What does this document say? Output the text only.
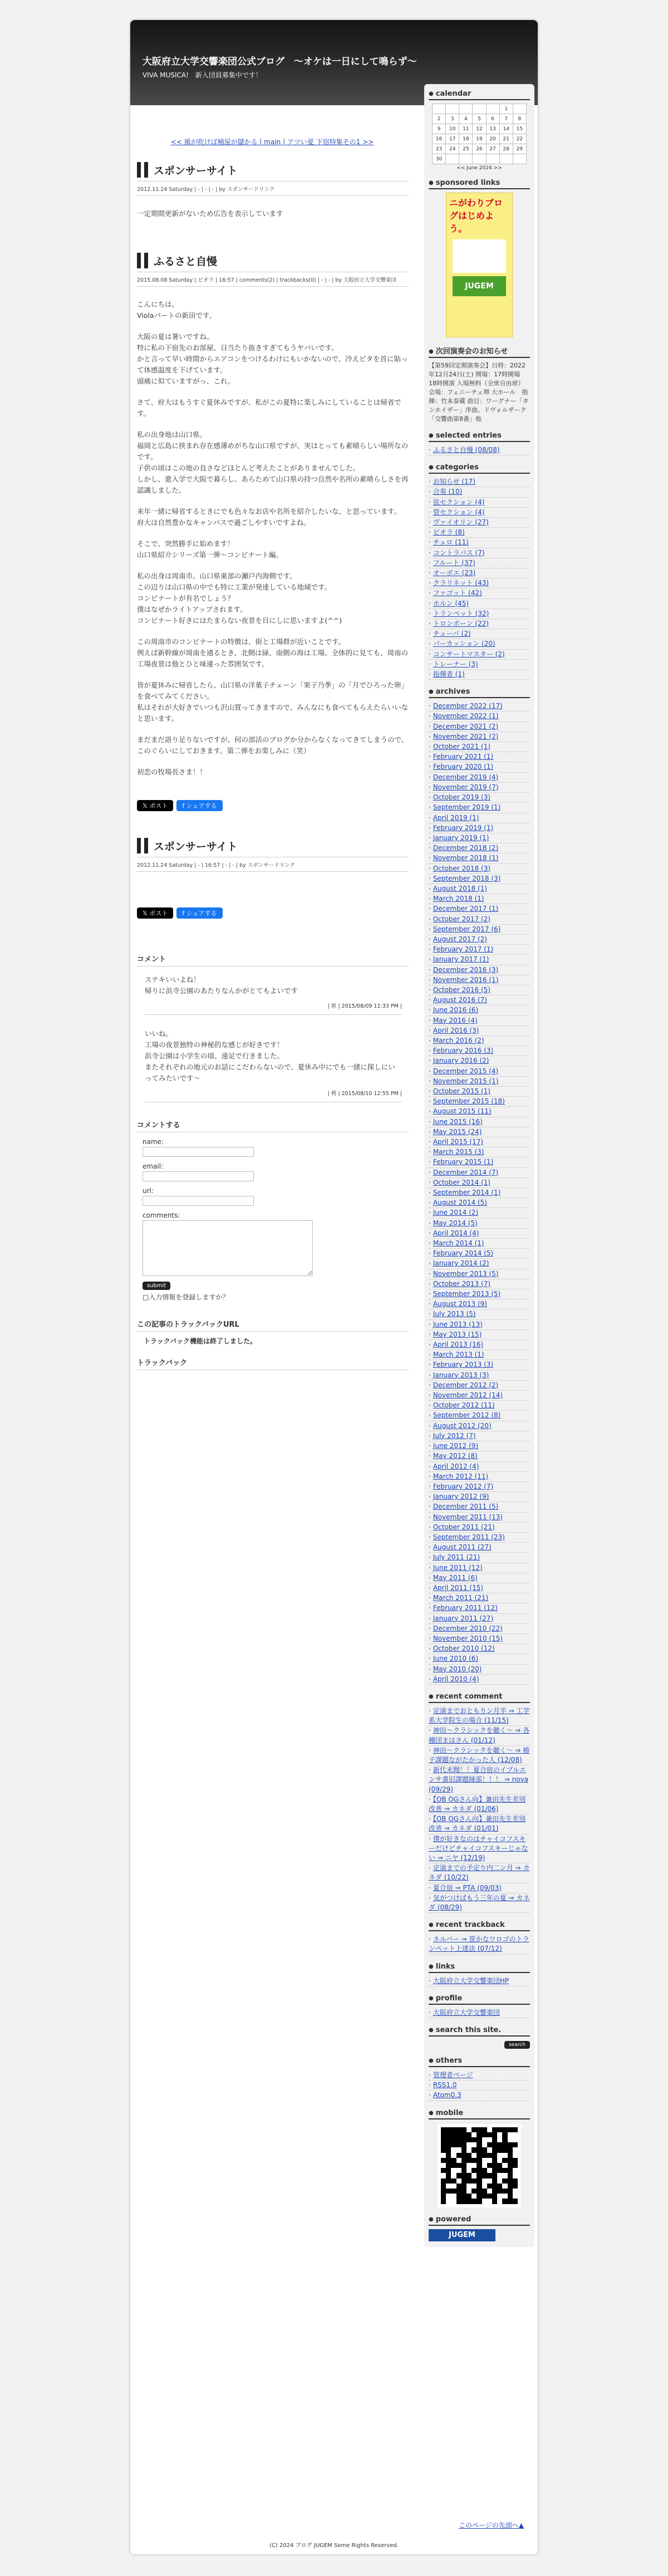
大阪府立大学交響楽団公式ブログ　～オケは一日にして鳴らず～
VIVA MUSICA!　新入団員募集中です！
<< 風が吹けば桶屋が儲かる | main | アツい夏 下宿特集その1 >>
スポンサーサイト
2012.11.24 Saturday | - | - | - | by スポンサードリンク

一定期間更新がないため広告を表示しています

ふるさと自慢
2015.08.08 Saturday | ビオラ | 16:57 | comments(2) | trackbacks(0) | - | - | by 大阪府立大学交響楽団

こんにちは。
Violaパートの新田です。

大阪の夏は暑いですね。
特に私の下宿先のお部屋、日当たり抜きすぎてもうヤバいです。
かと言って早い時間からエアコンをつけるわけにもいかないので、冷えピタを首に貼って体感温度を下げています。
頭痛に似ていますがっ、これ。

さて、府大はもうすぐ夏休みですが、私がこの夏特に楽しみにしていることは帰省です。

私の出身地は山口県。
福岡と広島に挟まれ存在感薄めがちな山口県ですが、実はとっても素晴らしい場所なのです。
子供の頃はこの地の良さなどほとんど考えたことがありませんでした。
しかし、進入学で大阪で暮らし、あらためて山口県の持つ自然や名所の素晴らしさを再認識しました。

来年一緒に帰省するときにでも色々なお店や名所を紹介したいな、と思っています。
府大は自然豊かなキャンパスで過ごしやすいですよね。

そこで、突然勝手に始めます！
山口県紹介シリーズ第一弾～コンビナート編。

私の出身は周南市。山口県東部の瀬戸内海側です。
この辺りは山口県の中でも特に工業が発達している地域です。
コンビナートが有名でしょう？
僕はなぜかライトアップされます。
コンビナート好きにはたまらない夜景を目にしに思いますよ(^^)

この周南市のコンビナートの特徴は、街と工場群が近いことです。
例えば新幹線が周南を通るとき、北側は緑、南側の海は工場、全体的に見ても、周南の工場夜景は他とひと味違った雰囲気です。

皆が夏休みに帰省したら、山口県の洋菓子チェーン「果子乃季」の「月でひろった卵」を食べてみてください。
私はそれが大好きでいつも沢山買ってきますので、みんなにも食べてもらえたらいいなと思います。

まだまだ語り足りないですが、何の部活のブログか分からなくなってきてしまうので、このぐらいにしておきます。第二弾をお楽しみに（笑）

初恋の牧場長さま！！

𝕏 ポスト	f シェアする
スポンサーサイト
2012.11.24 Saturday | - | 16:57 | - | - | by スポンサードリンク
𝕏 ポスト	f シェアする
コメント
ステキいいよね！
帰りに浜寺公園のあたりなんかがとてもよいです
| 匿 | 2015/08/09 11:33 PM |
いいね。
工場の夜景独特の神秘的な感じが好きです！
浜寺公園は小学生の頃、遠足で行きました。
またそれぞれの地元のお話にこだわらないので、夏休み中にでも一緒に探しにいってみたいです〜
| 柊 | 2015/08/10 12:55 PM |
コメントする
name:
email:
url:
comments:
submit
□入力情報を登録しますか？
この記事のトラックバックURL
トラックバック機能は終了しました。
トラックバック
● calendar
					1	
2	3	4	5	6	7	8
9	10	11	12	13	14	15
16	17	18	19	20	21	22
23	24	25	26	27	28	29
30						
<< June 2024 >>
● sponsored links
ニがわりブログはじめよう。
JUGEM
● 次回演奏会のお知らせ
【第59回定期演奏会】日時：2022年12月24日(土) 開場：17時開場　18時開演 入場無料（全席自由席）会場：フェニーチェ堺 大ホール　指揮：竹本泰蔵 曲目：ワーグナー「タンホイザー」序曲、ドヴォルザーク「交響曲第8番」他
● selected entries
· ふるさと自慢 (08/08)
● categories
· お知らせ (17)
· 合奏 (10)
· 弦セクション (4)
· 管セクション (4)
· ヴァイオリン (27)
· ビオラ (8)
· チェロ (11)
· コントラバス (7)
· フルート (37)
· オーボエ (23)
· クラリネット (43)
· ファゴット (42)
· ホルン (45)
· トランペット (32)
· トロンボーン (22)
· チューバ (2)
· パーカッション (20)
· コンサートマスター (2)
· トレーナー (3)
· 指揮者 (1)
● archives
· December 2022 (17)
· November 2022 (1)
· December 2021 (2)
· November 2021 (2)
· October 2021 (1)
· February 2021 (1)
· February 2020 (1)
· December 2019 (4)
· November 2019 (7)
· October 2019 (3)
· September 2019 (1)
· April 2019 (1)
· February 2019 (1)
· January 2019 (1)
· December 2018 (2)
· November 2018 (1)
· October 2018 (3)
· September 2018 (3)
· August 2018 (1)
· March 2018 (1)
· December 2017 (1)
· October 2017 (2)
· September 2017 (6)
· August 2017 (2)
· February 2017 (1)
· January 2017 (1)
· December 2016 (3)
· November 2016 (1)
· October 2016 (5)
· August 2016 (7)
· June 2016 (6)
· May 2016 (4)
· April 2016 (3)
· March 2016 (2)
· February 2016 (3)
· January 2016 (2)
· December 2015 (4)
· November 2015 (1)
· October 2015 (1)
· September 2015 (18)
· August 2015 (11)
· June 2015 (16)
· May 2015 (24)
· April 2015 (17)
· March 2015 (3)
· February 2015 (1)
· December 2014 (7)
· October 2014 (1)
· September 2014 (1)
· August 2014 (5)
· June 2014 (2)
· May 2014 (5)
· April 2014 (4)
· March 2014 (1)
· February 2014 (5)
· January 2014 (2)
· November 2013 (5)
· October 2013 (7)
· September 2013 (5)
· August 2013 (9)
· July 2013 (5)
· June 2013 (13)
· May 2013 (15)
· April 2013 (16)
· March 2013 (1)
· February 2013 (3)
· January 2013 (3)
· December 2012 (2)
· November 2012 (14)
· October 2012 (11)
· September 2012 (8)
· August 2012 (20)
· July 2012 (7)
· June 2012 (9)
· May 2012 (8)
· April 2012 (4)
· March 2012 (11)
· February 2012 (7)
· January 2012 (9)
· December 2011 (5)
· November 2011 (13)
· October 2011 (21)
· September 2011 (23)
· August 2011 (27)
· July 2011 (21)
· June 2011 (12)
· May 2011 (6)
· April 2011 (15)
· March 2011 (21)
· February 2011 (12)
· January 2011 (27)
· December 2010 (22)
· November 2010 (15)
· October 2010 (12)
· June 2010 (6)
· May 2010 (20)
· April 2010 (4)
● recent comment
· 定演までおともりン月半 ⇒ 工学系大学院生の場合 (11/15)
· 神田〜クラシックを聴く〜 ⇒ 各種団まはさん (01/12)
· 神田〜クラシックを聴く〜 ⇒ 椿子課題ながたかった人 (12/08)
· 新代未聞！！夏合宿のイブルエンサ書旧課題縁部！！！ ⇒ nova (09/29)
· 【OB OGさん向】兼田先生差別改善 ⇒ カネダ (01/06)
· 【OB OGさん向】兼田先生差別改善 ⇒ カネダ (01/01)
· 僕が好きなのはチャイコフスキーだけどチャイコフスキーじゃない ⇒ ニヤ (12/19)
· 定演までの予定り内二ン月 ⇒ カネダ (10/22)
· 夏合宿 ⇒ PTA (09/03)
· 気がつけばもう三年の夏 ⇒ カネダ (08/29)
● recent trackback
· ネルバー ⇒ 笹かなワロゴのトランペット上達法 (07/12)
● links
· 大阪府立大学交響楽団HP
● profile
· 大阪府立大学交響楽団
● search this site.
search
● others
· 管理者ページ
· RSS1.0
· Atom0.3
● mobile
● powered
JUGEM
このページの先頭へ▲
(C) 2024 ブログ JUGEM Some Rights Reserved.
